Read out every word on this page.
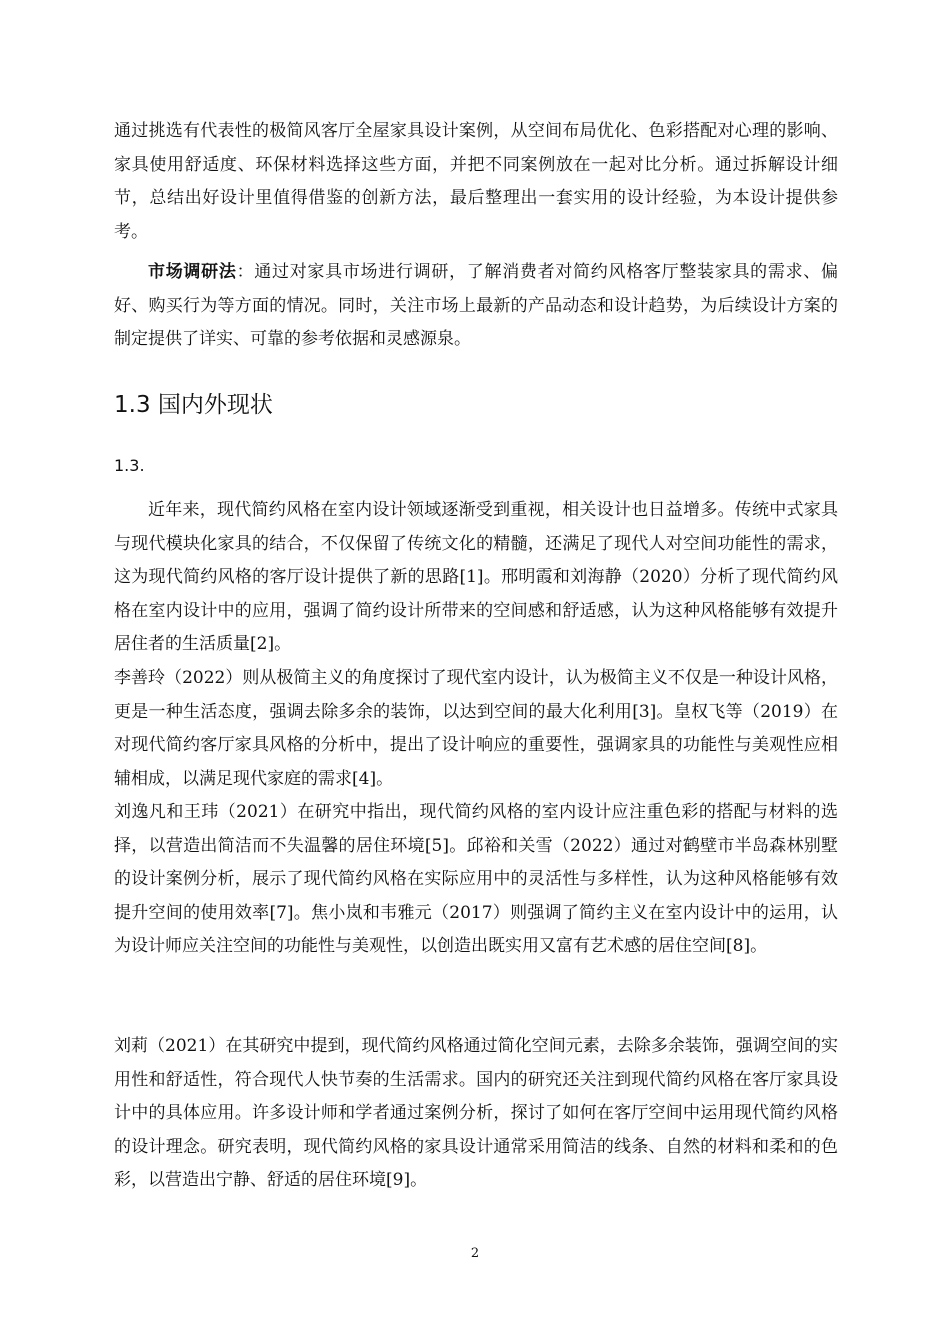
通过挑选有代表性的极简风客厅全屋家具设计案例，从空间布局优化、色彩搭配对心理的影响、家具使用舒适度、环保材料选择这些方面，并把不同案例放在一起对比分析。通过拆解设计细节，总结出好设计里值得借鉴的创新方法，最后整理出一套实用的设计经验，为本设计提供参考。

市场调研法：通过对家具市场进行调研，了解消费者对简约风格客厅整装家具的需求、偏好、购买行为等方面的情况。同时，关注市场上最新的产品动态和设计趋势，为后续设计方案的制定提供了详实、可靠的参考依据和灵感源泉。

1.3 国内外现状
1.3.

近年来，现代简约风格在室内设计领域逐渐受到重视，相关设计也日益增多。传统中式家具与现代模块化家具的结合，不仅保留了传统文化的精髓，还满足了现代人对空间功能性的需求，这为现代简约风格的客厅设计提供了新的思路[1]。邢明霞和刘海静（2020）分析了现代简约风格在室内设计中的应用，强调了简约设计所带来的空间感和舒适感，认为这种风格能够有效提升居住者的生活质量[2]。

李善玲（2022）则从极简主义的角度探讨了现代室内设计，认为极简主义不仅是一种设计风格，更是一种生活态度，强调去除多余的装饰，以达到空间的最大化利用[3]。皇权飞等（2019）在对现代简约客厅家具风格的分析中，提出了设计响应的重要性，强调家具的功能性与美观性应相辅相成，以满足现代家庭的需求[4]。

刘逸凡和王玮（2021）在研究中指出，现代简约风格的室内设计应注重色彩的搭配与材料的选择，以营造出简洁而不失温馨的居住环境[5]。邱裕和关雪（2022）通过对鹤壁市半岛森林别墅的设计案例分析，展示了现代简约风格在实际应用中的灵活性与多样性，认为这种风格能够有效提升空间的使用效率[7]。焦小岚和韦雅元（2017）则强调了简约主义在室内设计中的运用，认为设计师应关注空间的功能性与美观性，以创造出既实用又富有艺术感的居住空间[8]。

刘莉（2021）在其研究中提到，现代简约风格通过简化空间元素，去除多余装饰，强调空间的实用性和舒适性，符合现代人快节奏的生活需求。国内的研究还关注到现代简约风格在客厅家具设计中的具体应用。许多设计师和学者通过案例分析，探讨了如何在客厅空间中运用现代简约风格的设计理念。研究表明，现代简约风格的家具设计通常采用简洁的线条、自然的材料和柔和的色彩，以营造出宁静、舒适的居住环境[9]。

2
